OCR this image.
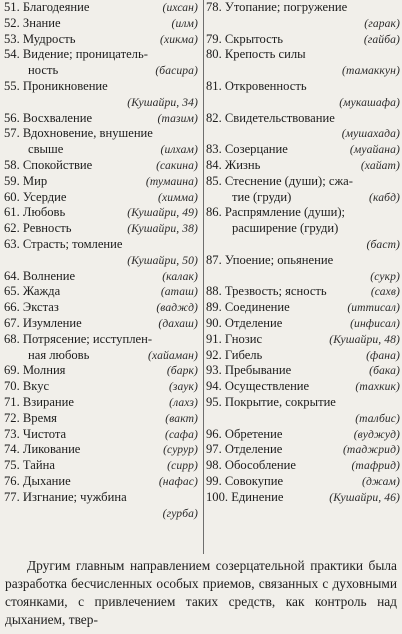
51. Благодеяние	(ихсан)
52. Знание	(илм)
53. Мудрость	(хикма)
54. Видение; проницатель-
ность	(басира)
55. Проникновение

(Кушайри, 34)
56. Восхваление	(тазим)
57. Вдохновение, внушение
свыше	(илхам)
58. Спокойствие	(сакина)
59. Мир	(тумаина)
60. Усердие	(химма)
61. Любовь	(Кушайри, 49)
62. Ревность	(Кушайри, 38)
63. Страсть; томление

(Кушайри, 50)
64. Волнение	(калак)
65. Жажда	(аташ)
66. Экстаз	(ваджд)
67. Изумление	(дахаш)
68. Потрясение; исступлен-
ная любовь	(хайаман)
69. Молния	(барк)
70. Вкус	(заук)
71. Взирание	(лахз)
72. Время	(вакт)
73. Чистота	(сафа)
74. Ликование	(сурур)
75. Тайна	(сирр)
76. Дыхание	(нафас)
77. Изгнание; чужбина

(гурба)
78. Утопание; погружение

(гарак)
79. Скрытость	(гайба)
80. Крепость силы

(тамаккун)
81. Откровенность

(мукашафа)
82. Свидетельствование

(мушахада)
83. Созерцание	(муайана)
84. Жизнь	(хайат)
85. Стеснение (души); сжа-
тие (груди)	(кабд)
86. Распрямление (души);
расширение (груди)

(баст)
87. Упоение; опьянение

(сукр)
88. Трезвость; ясность	(сахв)
89. Соединение	(иттисал)
90. Отделение	(инфисал)
91. Гнозис	(Кушайри, 48)
92. Гибель	(фана)
93. Пребывание	(бака)
94. Осуществление	(тахкик)
95. Покрытие, сокрытие

(талбис)
96. Обретение	(вуджуд)
97. Отделение	(таджрид)
98. Обособление	(тафрид)
99. Совокупие	(джам)
100. Единение	(Кушайри, 46)
Другим главным направлением созерцательной практики была разработка бесчисленных особых приемов, связанных с духовными стоянками, с привлечением таких средств, как контроль над дыханием, твер-
